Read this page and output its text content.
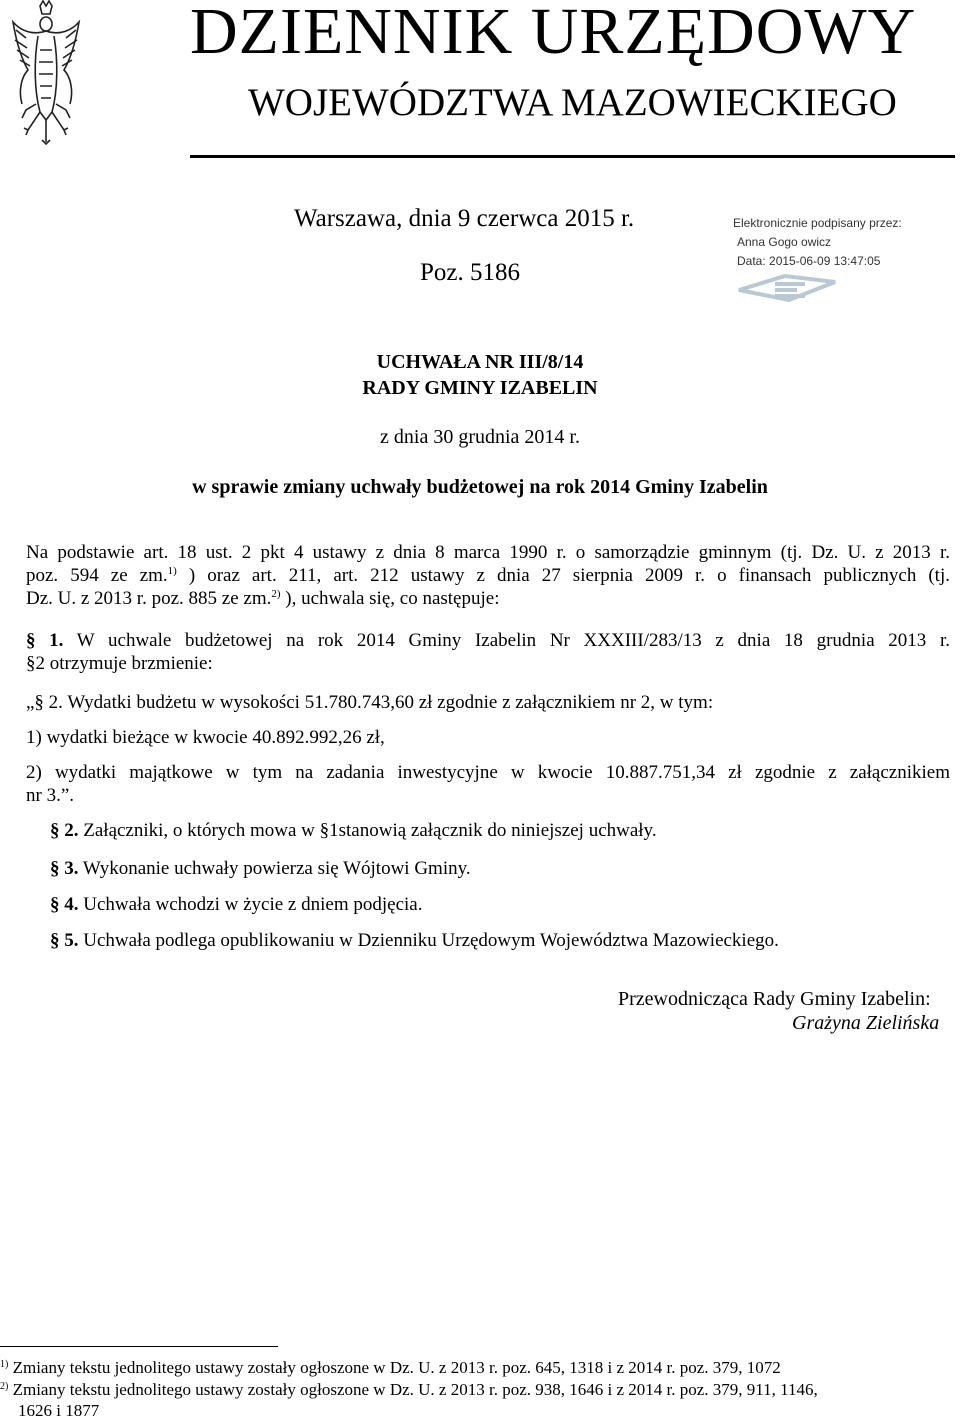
DZIENNIK URZĘDOWY
WOJEWÓDZTWA MAZOWIECKIEGO
Warszawa, dnia 9 czerwca 2015 r.
Poz. 5186
Elektronicznie podpisany przez:
Anna Gogo owicz
Data: 2015-06-09 13:47:05
UCHWAŁA NR III/8/14
RADY GMINY IZABELIN
z dnia 30 grudnia 2014 r.
w sprawie zmiany uchwały budżetowej na rok 2014 Gminy Izabelin
Na podstawie art. 18 ust. 2 pkt 4 ustawy z dnia 8 marca 1990 r. o samorządzie gminnym (tj. Dz. U. z 2013 r.
poz. 594 ze zm.$^{1)}$ ) oraz art. 211, art. 212 ustawy z dnia 27 sierpnia 2009 r. o finansach publicznych (tj.
Dz. U. z 2013 r. poz. 885 ze zm.$^{2)}$ ), uchwala się, co następuje:
§ 1. W uchwale budżetowej na rok 2014 Gminy Izabelin Nr XXXIII/283/13 z dnia 18 grudnia 2013 r.
§2 otrzymuje brzmienie:
„§ 2. Wydatki budżetu w wysokości 51.780.743,60 zł zgodnie z załącznikiem nr 2, w tym:
1) wydatki bieżące w kwocie 40.892.992,26 zł,
2) wydatki majątkowe w tym na zadania inwestycyjne w kwocie 10.887.751,34 zł zgodnie z załącznikiem
nr 3.”.
§ 2. Załączniki, o których mowa w §1stanowią załącznik do niniejszej uchwały.
§ 3. Wykonanie uchwały powierza się Wójtowi Gminy.
§ 4. Uchwała wchodzi w życie z dniem podjęcia.
§ 5. Uchwała podlega opublikowaniu w Dzienniku Urzędowym Województwa Mazowieckiego.
Przewodnicząca Rady Gminy Izabelin:
Grażyna Zielińska
$^{1)}$ Zmiany tekstu jednolitego ustawy zostały ogłoszone w Dz. U. z 2013 r. poz. 645, 1318 i z 2014 r. poz. 379, 1072
$^{2)}$ Zmiany tekstu jednolitego ustawy zostały ogłoszone w Dz. U. z 2013 r. poz. 938, 1646 i z 2014 r. poz. 379, 911, 1146,
1626 i 1877
